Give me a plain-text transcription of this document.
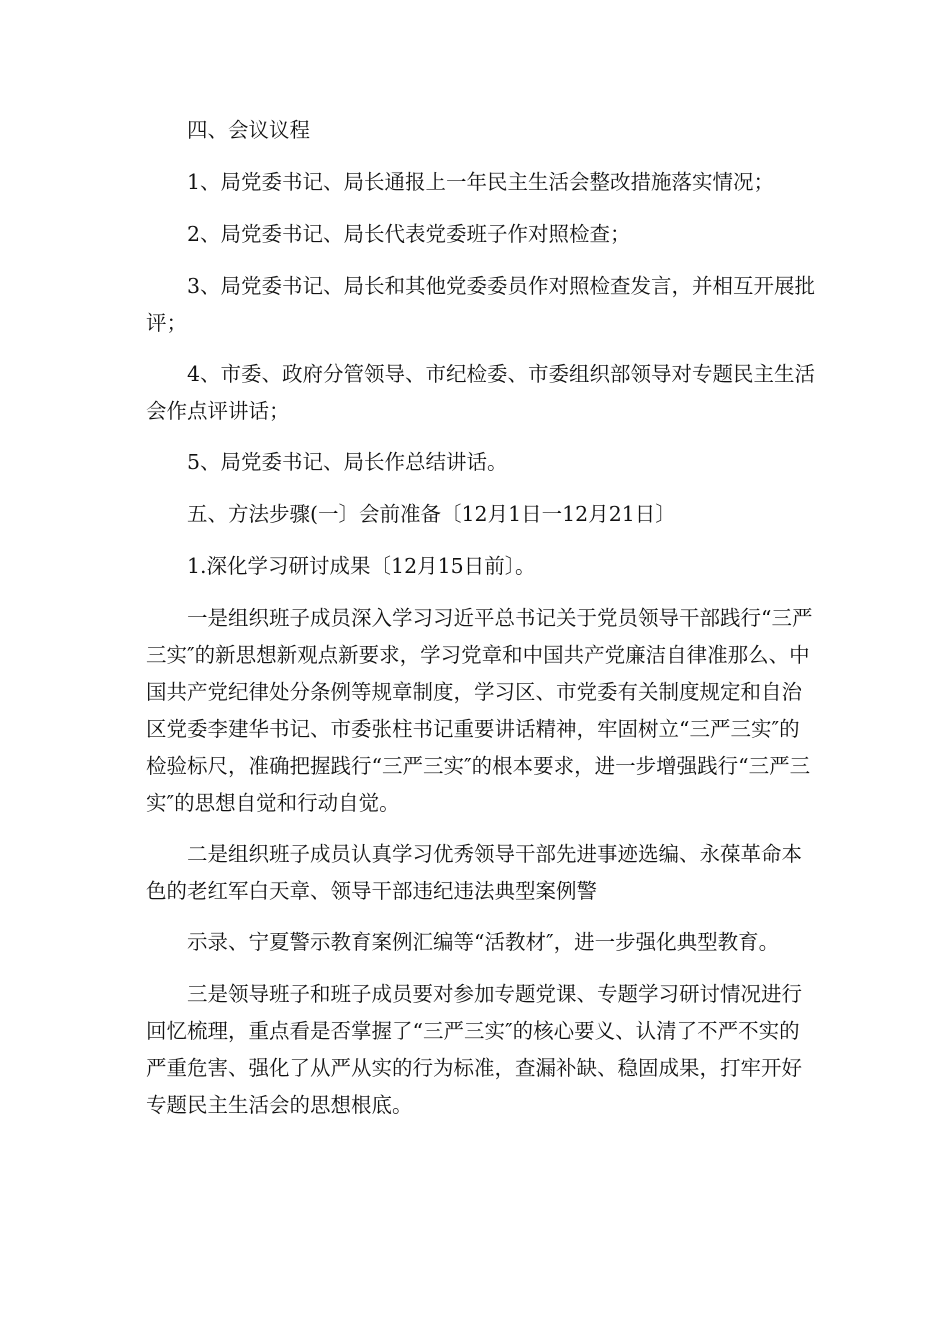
四、会议议程

1、局党委书记、局长通报上一年民主生活会整改措施落实情况；

2、局党委书记、局长代表党委班子作对照检查；

3、局党委书记、局长和其他党委委员作对照检查发言，并相互开展批评；

4、市委、政府分管领导、市纪检委、市委组织部领导对专题民主生活会作点评讲话；

5、局党委书记、局长作总结讲话。

五、方法步骤(一〕会前准备〔12月1日一12月21日〕

1.深化学习研讨成果〔12月15日前〕。

一是组织班子成员深入学习习近平总书记关于党员领导干部践行“三严三实″的新思想新观点新要求，学习党章和中国共产党廉洁自律准那么、中国共产党纪律处分条例等规章制度，学习区、市党委有关制度规定和自治区党委李建华书记、市委张柱书记重要讲话精神，牢固树立“三严三实″的检验标尺，准确把握践行“三严三实″的根本要求，进一步增强践行“三严三实″的思想自觉和行动自觉。

二是组织班子成员认真学习优秀领导干部先进事迹选编、永葆革命本色的老红军白天章、领导干部违纪违法典型案例警

示录、宁夏警示教育案例汇编等“活教材″，进一步强化典型教育。

三是领导班子和班子成员要对参加专题党课、专题学习研讨情况进行回忆梳理，重点看是否掌握了“三严三实″的核心要义、认清了不严不实的严重危害、强化了从严从实的行为标准，查漏补缺、稳固成果，打牢开好专题民主生活会的思想根底。
